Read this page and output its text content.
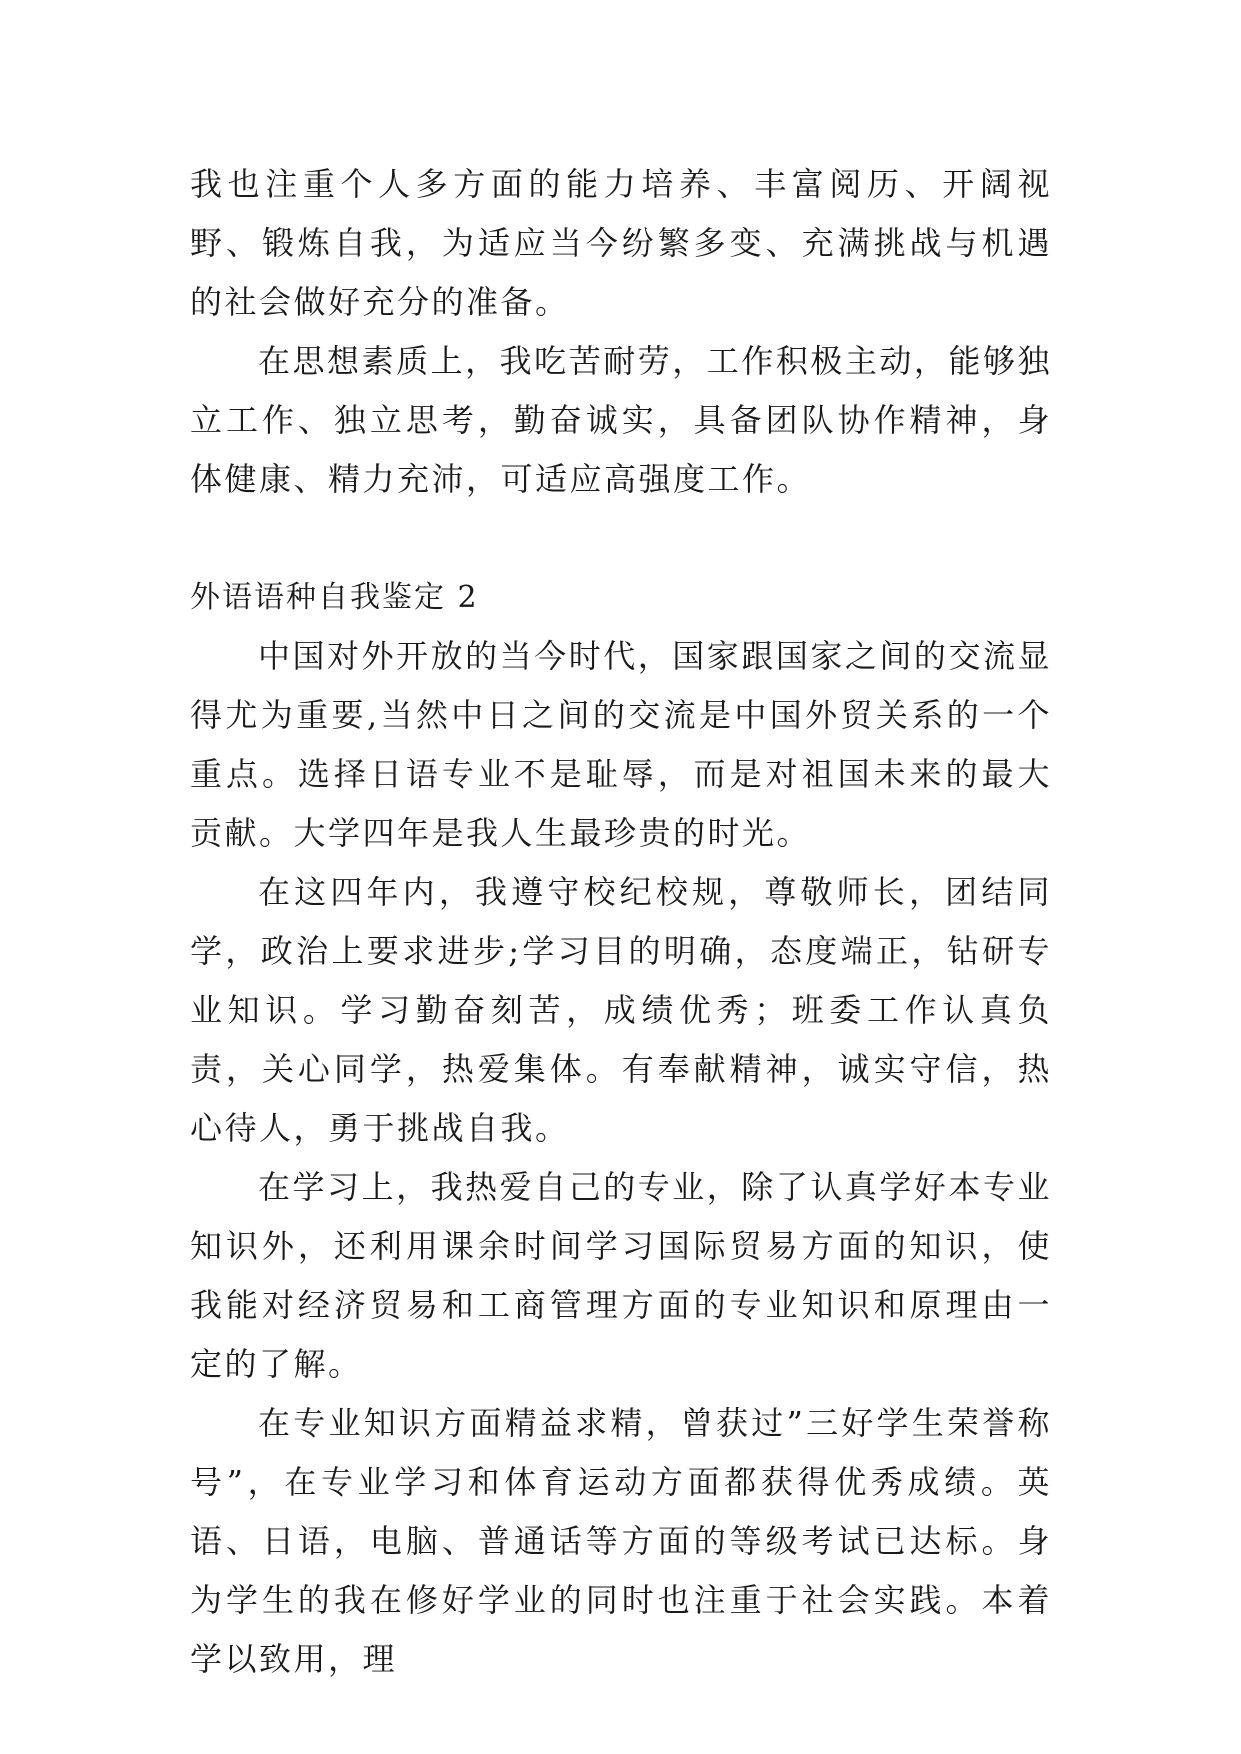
我也注重个人多方面的能力培养、丰富阅历、开阔视野、锻炼自我，为适应当今纷繁多变、充满挑战与机遇的社会做好充分的准备。

在思想素质上，我吃苦耐劳，工作积极主动，能够独立工作、独立思考，勤奋诚实，具备团队协作精神，身体健康、精力充沛，可适应高强度工作。

外语语种自我鉴定 2

中国对外开放的当今时代，国家跟国家之间的交流显得尤为重要,当然中日之间的交流是中国外贸关系的一个重点。选择日语专业不是耻辱，而是对祖国未来的最大贡献。大学四年是我人生最珍贵的时光。

在这四年内，我遵守校纪校规，尊敬师长，团结同学，政治上要求进步;学习目的明确，态度端正，钻研专业知识。学习勤奋刻苦，成绩优秀；班委工作认真负责，关心同学，热爱集体。有奉献精神，诚实守信，热心待人，勇于挑战自我。

在学习上，我热爱自己的专业，除了认真学好本专业知识外，还利用课余时间学习国际贸易方面的知识，使我能对经济贸易和工商管理方面的专业知识和原理由一定的了解。

在专业知识方面精益求精，曾获过”三好学生荣誉称号”，在专业学习和体育运动方面都获得优秀成绩。英语、日语，电脑、普通话等方面的等级考试已达标。身为学生的我在修好学业的同时也注重于社会实践。本着学以致用，理
